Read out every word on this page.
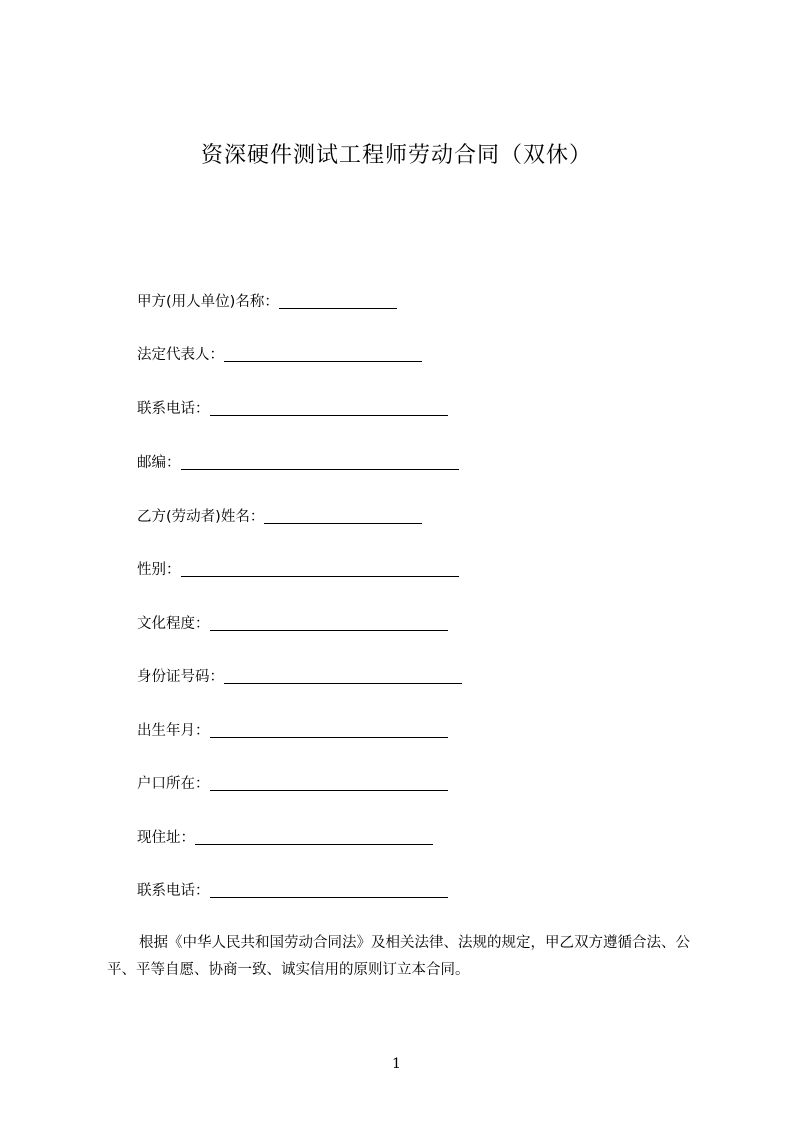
资深硬件测试工程师劳动合同（双休）
甲方(用人单位)名称：
法定代表人：
联系电话：
邮编：
乙方(劳动者)姓名：
性别：
文化程度：
身份证号码：
出生年月：
户口所在：
现住址：
联系电话：
根据《中华人民共和国劳动合同法》及相关法律、法规的规定，甲乙双方遵循合法、公平、平等自愿、协商一致、诚实信用的原则订立本合同。
1
